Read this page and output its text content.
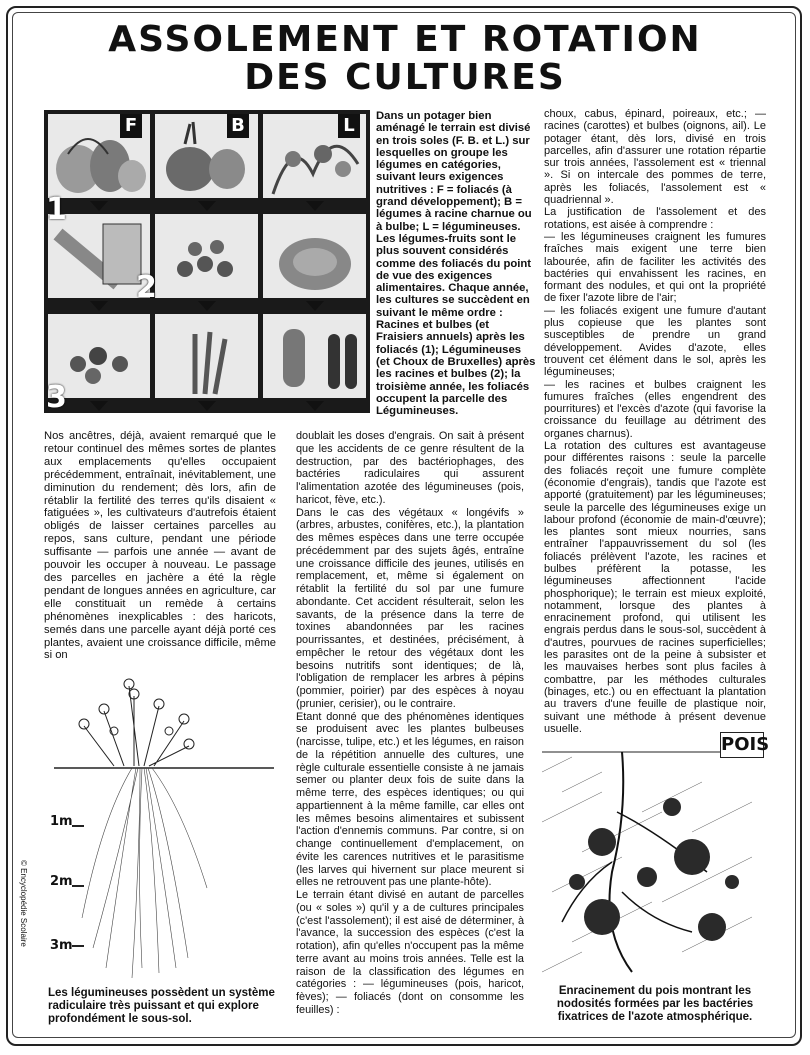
ASSOLEMENT ET ROTATION
DES CULTURES
F	B	L
1
2
3
Dans un potager bien aménagé le terrain est divisé en trois soles (F. B. et L.) sur lesquelles on groupe les légumes en catégories, suivant leurs exigences nutritives : F = foliacés (à grand développement); B = légumes à racine charnue ou à bulbe; L = légumineuses. Les légumes-fruits sont le plus souvent considérés comme des foliacés du point de vue des exigences alimentaires. Chaque année, les cultures se succèdent en suivant le même ordre : Racines et bulbes (et Fraisiers annuels) après les foliacés (1); Légumineuses (et Choux de Bruxelles) après les racines et bulbes (2); la troisième année, les foliacés occupent la parcelle des Légumineuses.
choux, cabus, épinard, poireaux, etc.; — racines (carottes) et bulbes (oignons, ail). Le potager étant, dès lors, divisé en trois parcelles, afin d'assurer une rotation répartie sur trois années, l'assolement est « triennal ». Si on intercale des pommes de terre, après les foliacés, l'assolement est « quadriennal ».
La justification de l'assolement et des rotations, est aisée à comprendre :
— les légumineuses craignent les fumures fraîches mais exigent une terre bien labourée, afin de faciliter les activités des bactéries qui envahissent les racines, en formant des nodules, et qui ont la propriété de fixer l'azote libre de l'air;
— les foliacés exigent une fumure d'autant plus copieuse que les plantes sont susceptibles de prendre un grand développement. Avides d'azote, elles trouvent cet élément dans le sol, après les légumineuses;
— les racines et bulbes craignent les fumures fraîches (elles engendrent des pourritures) et l'excès d'azote (qui favorise la croissance du feuillage au détriment des organes charnus).
La rotation des cultures est avantageuse pour différentes raisons : seule la parcelle des foliacés reçoit une fumure complète (économie d'engrais), tandis que l'azote est apporté (gratuitement) par les légumineuses; seule la parcelle des légumineuses exige un labour profond (économie de main-d'œuvre); les plantes sont mieux nourries, sans entraîner l'appauvrissement du sol (les foliacés prélèvent l'azote, les racines et bulbes préfèrent la potasse, les légumineuses affectionnent l'acide phosphorique); le terrain est mieux exploité, notamment, lorsque des plantes à enracinement profond, qui utilisent les engrais perdus dans le sous-sol, succèdent à d'autres, pourvues de racines superficielles; les parasites ont de la peine à subsister et les mauvaises herbes sont plus faciles à combattre, par les méthodes culturales (binages, etc.) ou en effectuant la plantation au travers d'une feuille de plastique noir, suivant une méthode à présent devenue usuelle.
Nos ancêtres, déjà, avaient remarqué que le retour continuel des mêmes sortes de plantes aux emplacements qu'elles occupaient précédemment, entraînait, inévitablement, une diminution du rendement; dès lors, afin de rétablir la fertilité des terres qu'ils disaient « fatiguées », les cultivateurs d'autrefois étaient obligés de laisser certaines parcelles au repos, sans culture, pendant une période suffisante — parfois une année — avant de pouvoir les occuper à nouveau. Le passage des parcelles en jachère a été la règle pendant de longues années en agriculture, car elle constituait un remède à certains phénomènes inexplicables : des haricots, semés dans une parcelle ayant déjà porté ces plantes, avaient une croissance difficile, même si on
doublait les doses d'engrais. On sait à présent que les accidents de ce genre résultent de la destruction, par des bactériophages, des bactéries radiculaires qui assurent l'alimentation azotée des légumineuses (pois, haricot, fève, etc.).
Dans le cas des végétaux « longévifs » (arbres, arbustes, conifères, etc.), la plantation des mêmes espèces dans une terre occupée précédemment par des sujets âgés, entraîne une croissance difficile des jeunes, utilisés en remplacement, et, même si également on rétablit la fertilité du sol par une fumure abondante. Cet accident résulterait, selon les savants, de la présence dans la terre de toxines abandonnées par les racines pourrissantes, et destinées, précisément, à empêcher le retour des végétaux dont les besoins nutritifs sont identiques; de là, l'obligation de remplacer les arbres à pépins (pommier, poirier) par des espèces à noyau (prunier, cerisier), ou le contraire.
Etant donné que des phénomènes identiques se produisent avec les plantes bulbeuses (narcisse, tulipe, etc.) et les légumes, en raison de la répétition annuelle des cultures, une règle culturale essentielle consiste à ne jamais semer ou planter deux fois de suite dans la même terre, des espèces identiques; ou qui appartiennent à la même famille, car elles ont les mêmes besoins alimentaires et subissent l'action d'ennemis communs. Par contre, si on change continuellement d'emplacement, on évite les carences nutritives et le parasitisme (les larves qui hivernent sur place meurent si elles ne retrouvent pas une plante-hôte).
Le terrain étant divisé en autant de parcelles (ou « soles ») qu'il y a de cultures principales (c'est l'assolement); il est aisé de déterminer, à l'avance, la succession des espèces (c'est la rotation), afin qu'elles n'occupent pas la même terre avant au moins trois années. Telle est la raison de la classification des légumes en catégories : — légumineuses (pois, haricot, fèves); — foliacés (dont on consomme les feuilles) :
1m
2m
3m
© Encyclopédie Scolaire
Les légumineuses possèdent un système radiculaire très puissant et qui explore profondément le sous-sol.
POIS
Enracinement du pois montrant les nodosités formées par les bactéries fixatrices de l'azote atmosphérique.
